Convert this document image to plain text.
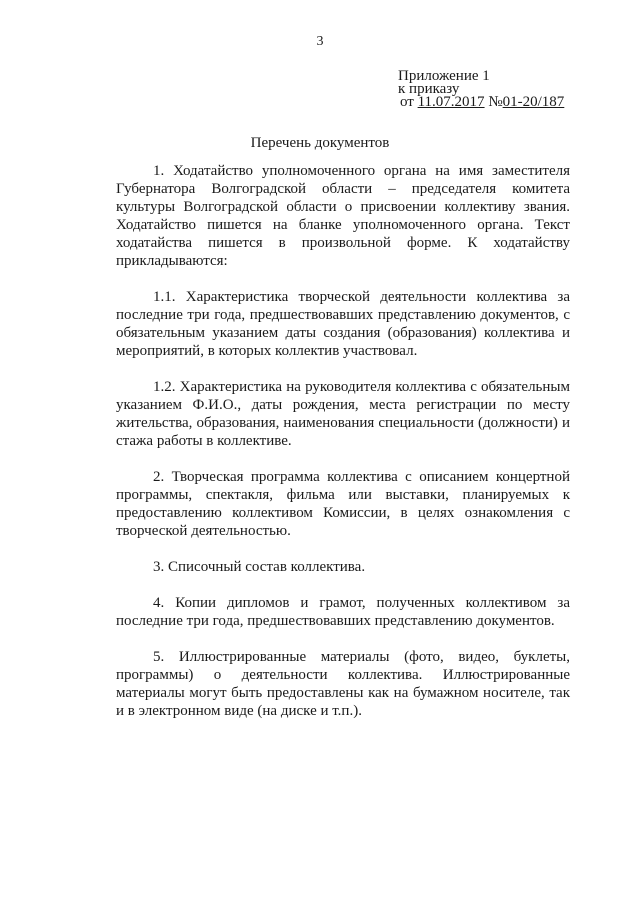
3
Приложение 1
к приказу
от 11.07.2017 №01-20/187
Перечень документов

1. Ходатайство уполномоченного органа на имя заместителя Губернатора Волгоградской области – председателя комитета культуры Волгоградской области о присвоении коллективу звания. Ходатайство пишется на бланке уполномоченного органа. Текст ходатайства пишется в произвольной форме. К ходатайству прикладываются:

1.1. Характеристика творческой деятельности коллектива за последние три года, предшествовавших представлению документов, с обязательным указанием даты создания (образования) коллектива и мероприятий, в которых коллектив участвовал.

1.2. Характеристика на руководителя коллектива с обязательным указанием Ф.И.О., даты рождения, места регистрации по месту жительства, образования, наименования специальности (должности) и стажа работы в коллективе.

2. Творческая программа коллектива с описанием концертной программы, спектакля, фильма или выставки, планируемых к предоставлению коллективом Комиссии, в целях ознакомления с творческой деятельностью.

3. Списочный состав коллектива.

4. Копии дипломов и грамот, полученных коллективом за последние три года, предшествовавших представлению документов.

5. Иллюстрированные материалы (фото, видео, буклеты, программы) о деятельности коллектива. Иллюстрированные материалы могут быть предоставлены как на бумажном носителе, так и в электронном виде (на диске и т.п.).
